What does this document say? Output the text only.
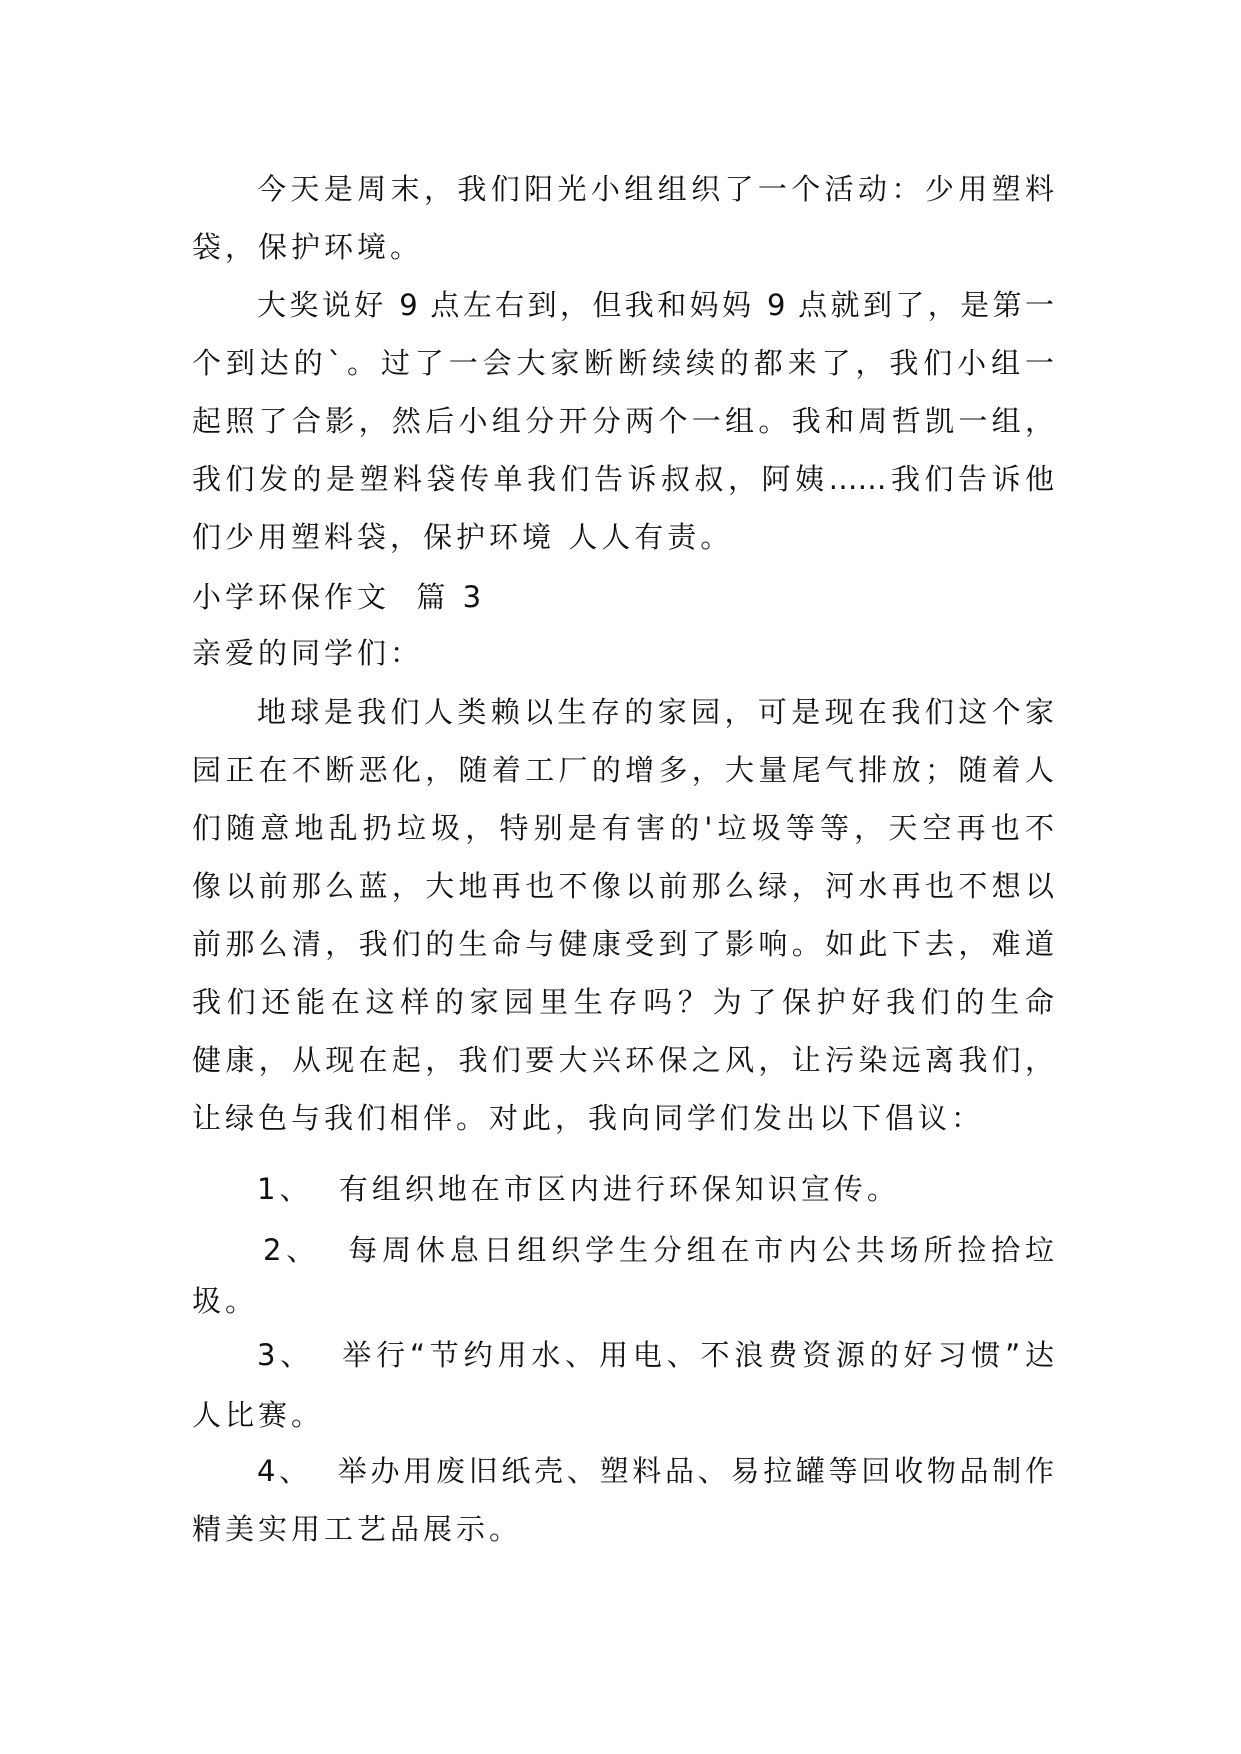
今天是周末，我们阳光小组组织了一个活动：少用塑料
袋，保护环境。
大奖说好 9 点左右到，但我和妈妈 9 点就到了，是第一
个到达的`。过了一会大家断断续续的都来了，我们小组一
起照了合影，然后小组分开分两个一组。我和周哲凯一组，
我们发的是塑料袋传单我们告诉叔叔，阿姨……我们告诉他
们少用塑料袋，保护环境 人人有责。
小学环保作文  篇 3
亲爱的同学们：
地球是我们人类赖以生存的家园，可是现在我们这个家
园正在不断恶化，随着工厂的增多，大量尾气排放；随着人
们随意地乱扔垃圾，特别是有害的'垃圾等等，天空再也不
像以前那么蓝，大地再也不像以前那么绿，河水再也不想以
前那么清，我们的生命与健康受到了影响。如此下去，难道
我们还能在这样的家园里生存吗？为了保护好我们的生命
健康，从现在起，我们要大兴环保之风，让污染远离我们，
让绿色与我们相伴。对此，我向同学们发出以下倡议：
1、  有组织地在市区内进行环保知识宣传。
2、  每周休息日组织学生分组在市内公共场所捡拾垃
圾。
3、  举行“节约用水、用电、不浪费资源的好习惯”达
人比赛。
4、  举办用废旧纸壳、塑料品、易拉罐等回收物品制作
精美实用工艺品展示。
